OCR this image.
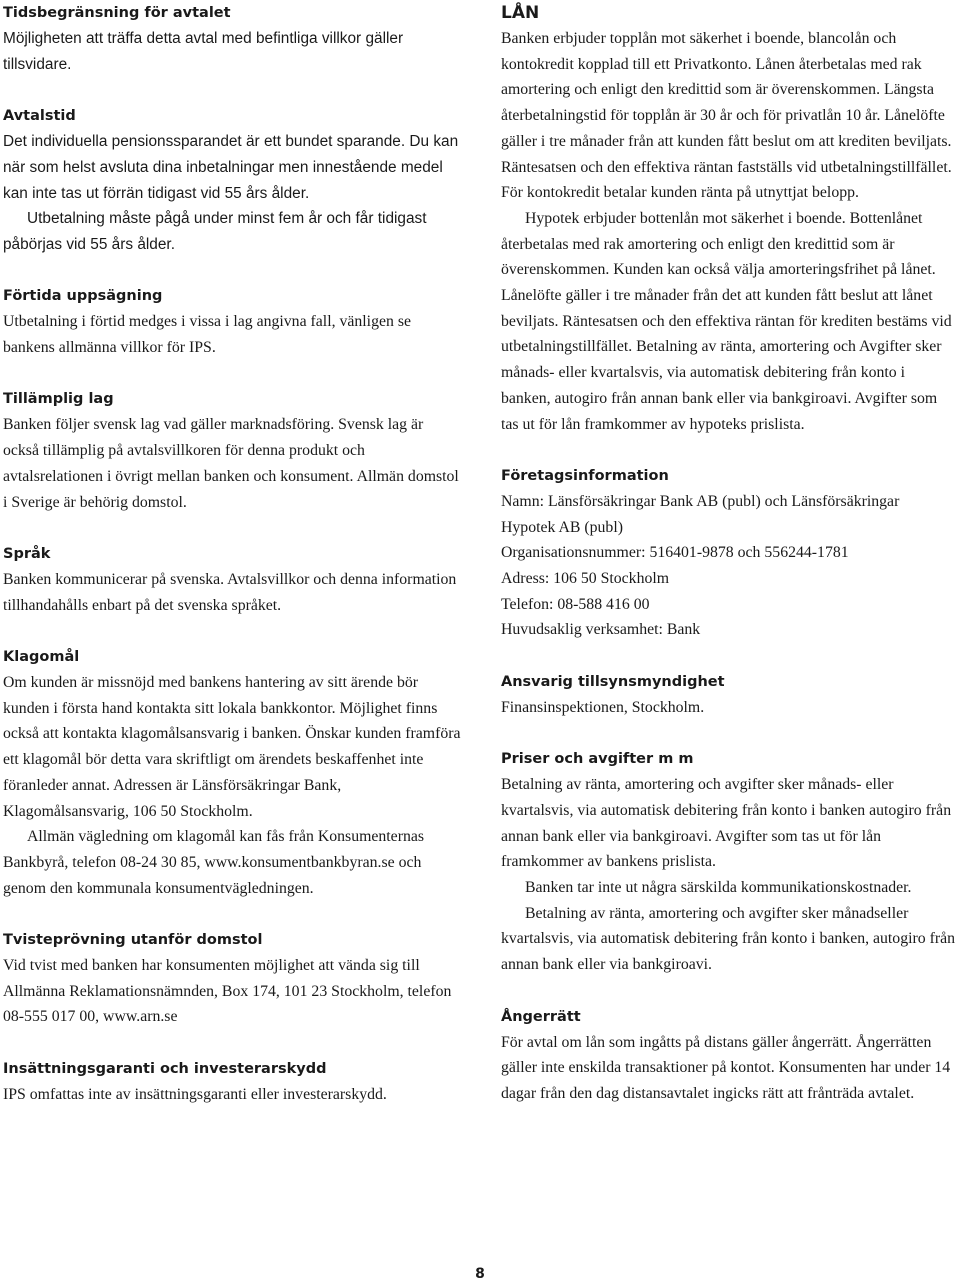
Tidsbegränsning för avtalet

Möjligheten att träffa detta avtal med befintliga villkor gäller tillsvidare.

Avtalstid

Det individuella pensionssparandet är ett bundet sparande. Du kan när som helst avsluta dina inbetalningar men innestående medel kan inte tas ut förrän tidigast vid 55 års ålder.

Utbetalning måste pågå under minst fem år och får tidigast påbörjas vid 55 års ålder.

Förtida uppsägning

Utbetalning i förtid medges i vissa i lag angivna fall, vänligen se bankens allmänna villkor för IPS.

Tillämplig lag

Banken följer svensk lag vad gäller marknadsföring. Svensk lag är också tillämplig på avtalsvillkoren för denna produkt och avtalsrelationen i övrigt mellan banken och konsument. Allmän domstol i Sverige är behörig domstol.

Språk

Banken kommunicerar på svenska. Avtalsvillkor och denna information tillhandahålls enbart på det svenska språket.

Klagomål

Om kunden är missnöjd med bankens hantering av sitt ärende bör kunden i första hand kontakta sitt lokala bankkontor. Möjlighet finns också att kontakta klagomålsansvarig i banken. Önskar kunden framföra ett klagomål bör detta vara skriftligt om ärendets beskaffenhet inte föranleder annat. Adressen är Länsförsäkringar Bank, Klagomålsansvarig, 106 50 Stockholm.

Allmän vägledning om klagomål kan fås från Konsumenternas Bankbyrå, telefon 08-24 30 85, www.konsumentbankbyran.se och genom den kommunala konsumentvägledningen.

Tvisteprövning utanför domstol

Vid tvist med banken har konsumenten möjlighet att vända sig till Allmänna Reklamationsnämnden, Box 174, 101 23 Stockholm, telefon 08-555 017 00, www.arn.se

Insättningsgaranti och investerarskydd

IPS omfattas inte av insättningsgaranti eller investerarskydd.

LÅN

Banken erbjuder topplån mot säkerhet i boende, blancolån och kontokredit kopplad till ett Privatkonto. Lånen återbetalas med rak amortering och enligt den kredittid som är överenskommen. Längsta återbetalningstid för topplån är 30 år och för privatlån 10 år. Lånelöfte gäller i tre månader från att kunden fått beslut om att krediten beviljats. Räntesatsen och den effektiva räntan fastställs vid utbetalningstillfället. För kontokredit betalar kunden ränta på utnyttjat belopp.

Hypotek erbjuder bottenlån mot säkerhet i boende. Bottenlånet återbetalas med rak amortering och enligt den kredittid som är överenskommen. Kunden kan också välja amorteringsfrihet på lånet. Lånelöfte gäller i tre månader från det att kunden fått beslut att lånet beviljats. Räntesatsen och den effektiva räntan för krediten bestäms vid utbetalningstillfället. Betalning av ränta, amortering och Avgifter sker månads- eller kvartalsvis, via automatisk debitering från konto i banken, autogiro från annan bank eller via bankgiroavi. Avgifter som tas ut för lån framkommer av hypoteks prislista.

Företagsinformation

Namn: Länsförsäkringar Bank AB (publ) och Länsförsäkringar Hypotek AB (publ)

Organisationsnummer: 516401-9878 och 556244-1781

Adress: 106 50 Stockholm

Telefon: 08-588 416 00

Huvudsaklig verksamhet: Bank

Ansvarig tillsynsmyndighet

Finansinspektionen, Stockholm.

Priser och avgifter m m

Betalning av ränta, amortering och avgifter sker månads- eller kvartalsvis, via automatisk debitering från konto i banken autogiro från annan bank eller via bankgiroavi. Avgifter som tas ut för lån framkommer av bankens prislista.

Banken tar inte ut några särskilda kommunikationskostnader.

Betalning av ränta, amortering och avgifter sker månadseller kvartalsvis, via automatisk debitering från konto i banken, autogiro från annan bank eller via bankgiroavi.

Ångerrätt

För avtal om lån som ingåtts på distans gäller ångerrätt. Ångerrätten gäller inte enskilda transaktioner på kontot. Konsumenten har under 14 dagar från den dag distansavtalet ingicks rätt att frånträda avtalet.

8
